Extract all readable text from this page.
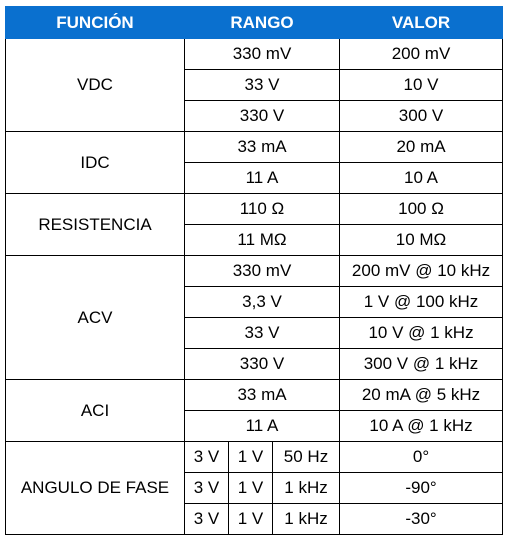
FUNCIÓN	RANGO			VALOR
VDC	330 mV			200 mV
	33 V			10 V
	330 V			300 V
IDC	33 mA			20 mA
	11 A			10 A
RESISTENCIA	110 Ω			100 Ω
	11 MΩ			10 MΩ
ACV	330 mV			200 mV @ 10 kHz
	3,3 V			1 V @ 100 kHz
	33 V			10 V @ 1 kHz
	330 V			300 V @ 1 kHz
ACI	33 mA			20 mA @ 5 kHz
	11 A			10 A @ 1 kHz
ANGULO DE FASE	3 V	1 V	50 Hz	0°
	3 V	1 V	1 kHz	-90°
	3 V	1 V	1 kHz	-30°
